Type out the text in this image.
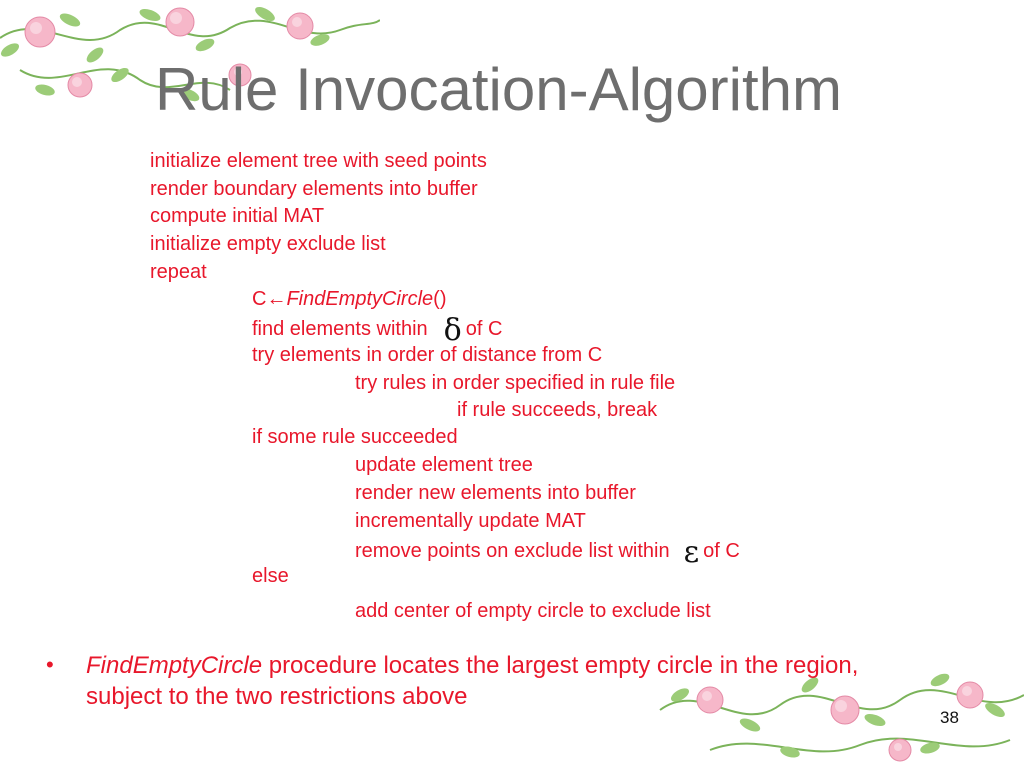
Rule Invocation-Algorithm
initialize element tree with seed points
render boundary elements into buffer
compute initial MAT
initialize empty exclude list
repeat
C←FindEmptyCircle()
find elements within δ of C
try elements in order of distance from C
try rules in order specified in rule file
if rule succeeds, break
if some rule succeeded
update element tree
render new elements into buffer
incrementally update MAT
remove points on exclude list within ε of C
else
add center of empty circle to exclude list
• FindEmptyCircle procedure locates the largest empty circle in the region, subject to the two restrictions above
38
